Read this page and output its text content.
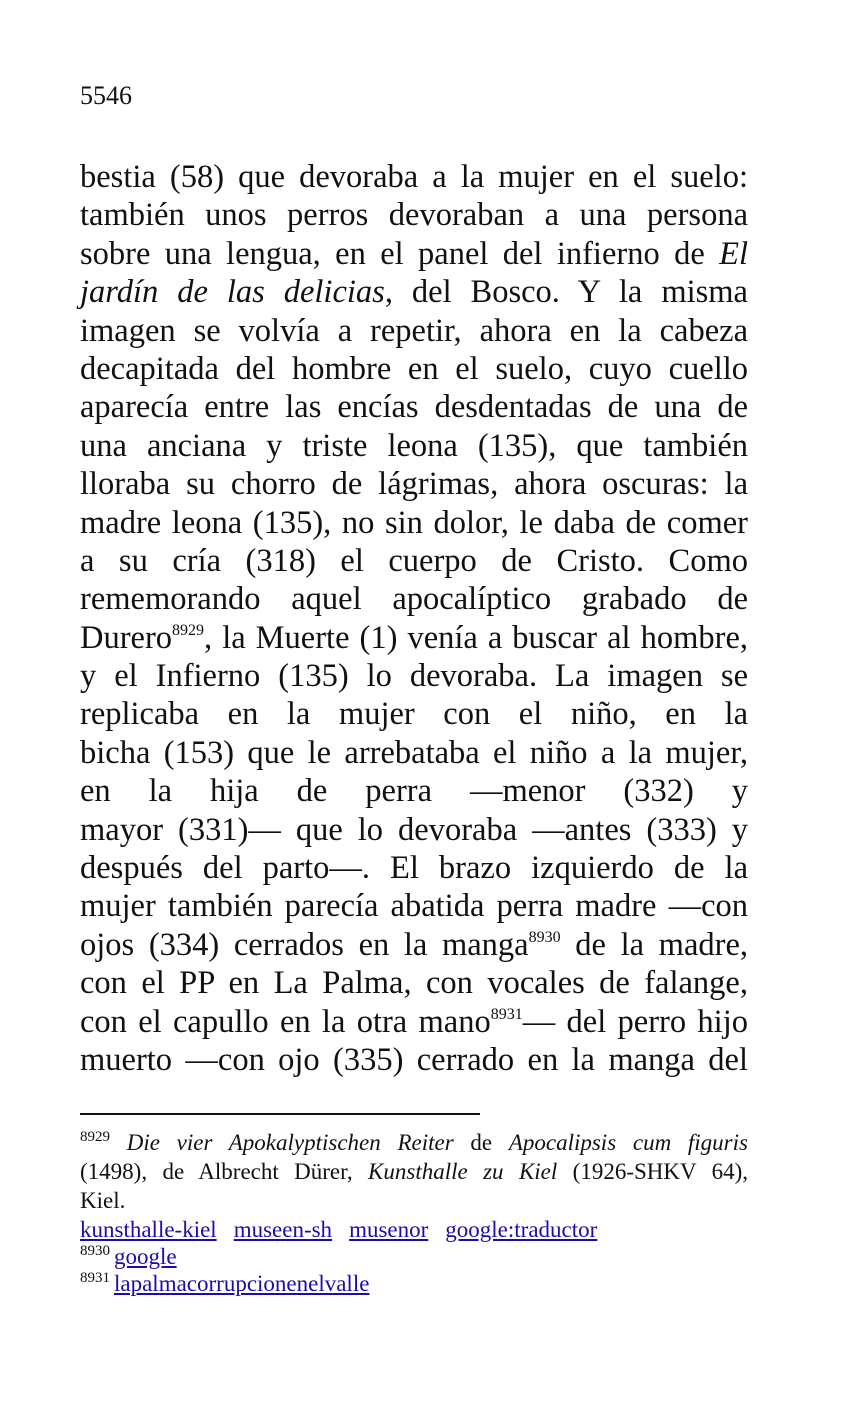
5546
bestia (58) que devoraba a la mujer en el suelo:
también unos perros devoraban a una persona
sobre una lengua, en el panel del infierno de El
jardín de las delicias, del Bosco. Y la misma
imagen se volvía a repetir, ahora en la cabeza
decapitada del hombre en el suelo, cuyo cuello
aparecía entre las encías desdentadas de una de
una anciana y triste leona (135), que también
lloraba su chorro de lágrimas, ahora oscuras: la
madre leona (135), no sin dolor, le daba de comer
a su cría (318) el cuerpo de Cristo. Como
rememorando aquel apocalíptico grabado de
Durero$^{8929}$, la Muerte (1) venía a buscar al hombre,
y el Infierno (135) lo devoraba. La imagen se
replicaba en la mujer con el niño, en la
bicha (153) que le arrebataba el niño a la mujer,
en la hija de perra —menor (332) y
mayor (331)— que lo devoraba —antes (333) y
después del parto—. El brazo izquierdo de la
mujer también parecía abatida perra madre —con
ojos (334) cerrados en la manga$^{8930}$ de la madre,
con el PP en La Palma, con vocales de falange,
con el capullo en la otra mano$^{8931}$— del perro hijo
muerto —con ojo (335) cerrado en la manga del
$^{8929}$ Die vier Apokalyptischen Reiter de Apocalipsis cum figuris
(1498), de Albrecht Dürer, Kunsthalle zu Kiel (1926-SHKV 64),
Kiel.
kunsthalle-kiel museen-sh musenor google:traductor
$^{8930}$ google
$^{8931}$ lapalmacorrupcionenelvalle
